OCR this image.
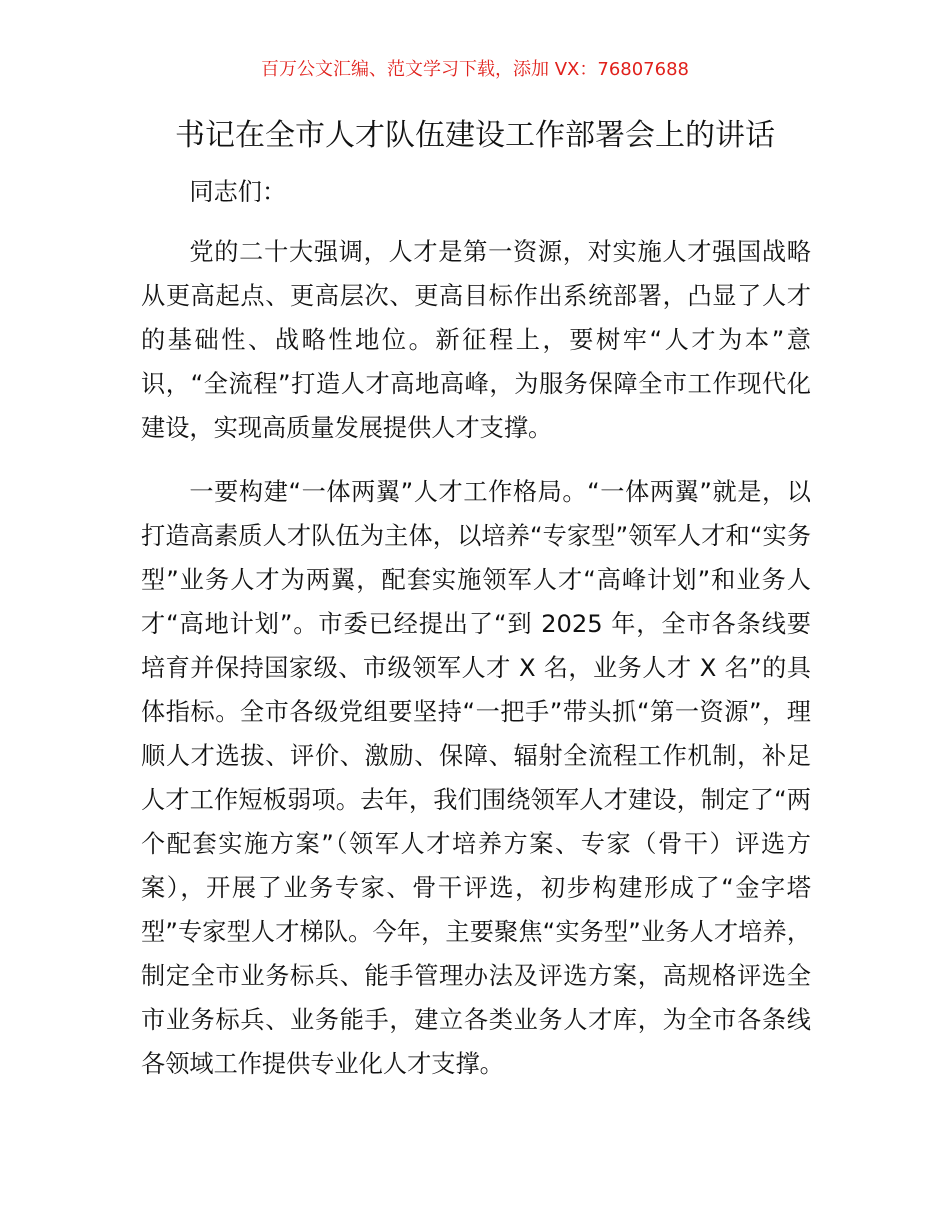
百万公文汇编、范文学习下载，添加 VX：76807688
书记在全市人才队伍建设工作部署会上的讲话

同志们：

党的二十大强调，人才是第一资源，对实施人才强国战略从更高起点、更高层次、更高目标作出系统部署，凸显了人才的基础性、战略性地位。新征程上，要树牢“人才为本”意识，“全流程”打造人才高地高峰，为服务保障全市工作现代化建设，实现高质量发展提供人才支撑。

一要构建“一体两翼”人才工作格局。“一体两翼”就是，以打造高素质人才队伍为主体，以培养“专家型”领军人才和“实务型”业务人才为两翼，配套实施领军人才“高峰计划”和业务人才“高地计划”。市委已经提出了“到 2025 年，全市各条线要培育并保持国家级、市级领军人才 X 名，业务人才 X 名”的具体指标。全市各级党组要坚持“一把手”带头抓“第一资源”，理顺人才选拔、评价、激励、保障、辐射全流程工作机制，补足人才工作短板弱项。去年，我们围绕领军人才建设，制定了“两个配套实施方案”（领军人才培养方案、专家（骨干）评选方案），开展了业务专家、骨干评选，初步构建形成了“金字塔型”专家型人才梯队。今年，主要聚焦“实务型”业务人才培养，制定全市业务标兵、能手管理办法及评选方案，高规格评选全市业务标兵、业务能手，建立各类业务人才库，为全市各条线各领域工作提供专业化人才支撑。
